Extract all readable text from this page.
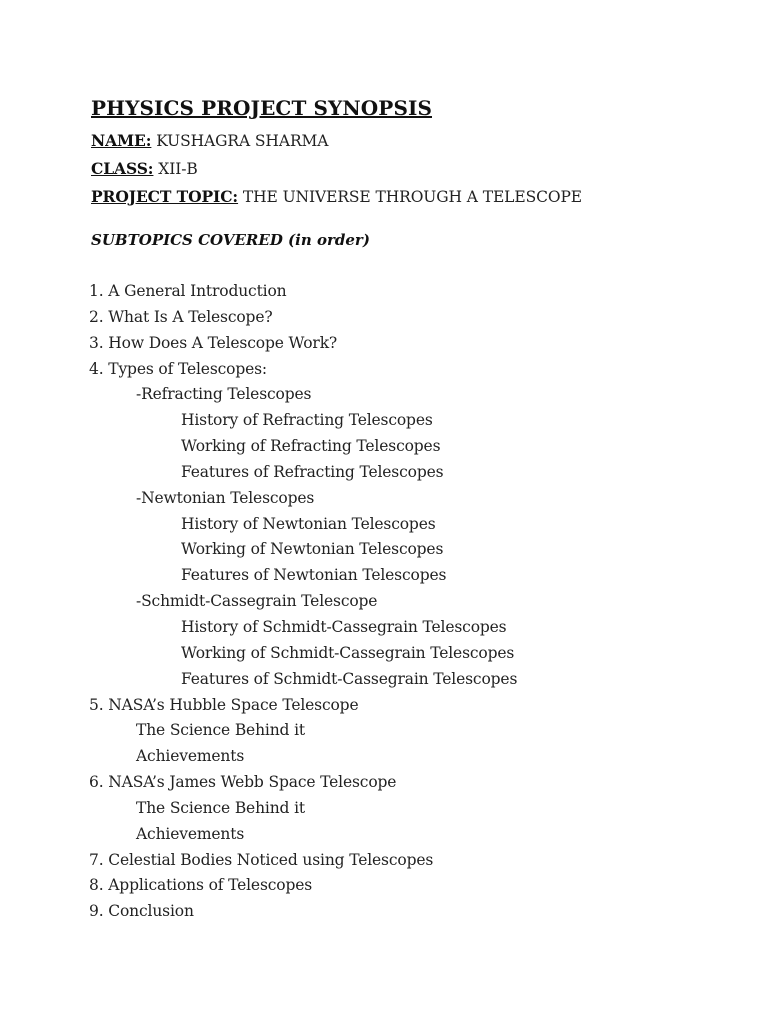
PHYSICS PROJECT SYNOPSIS
NAME: KUSHAGRA SHARMA
CLASS: XII-B
PROJECT TOPIC: THE UNIVERSE THROUGH A TELESCOPE
SUBTOPICS COVERED (in order)
1. A General Introduction
2. What Is A Telescope?
3. How Does A Telescope Work?
4. Types of Telescopes:
-Refracting Telescopes
History of Refracting Telescopes
Working of Refracting Telescopes
Features of Refracting Telescopes
-Newtonian Telescopes
History of Newtonian Telescopes
Working of Newtonian Telescopes
Features of Newtonian Telescopes
-Schmidt-Cassegrain Telescope
History of Schmidt-Cassegrain Telescopes
Working of Schmidt-Cassegrain Telescopes
Features of Schmidt-Cassegrain Telescopes
5. NASA’s Hubble Space Telescope
The Science Behind it
Achievements
6. NASA’s James Webb Space Telescope
The Science Behind it
Achievements
7. Celestial Bodies Noticed using Telescopes
8. Applications of Telescopes
9. Conclusion
